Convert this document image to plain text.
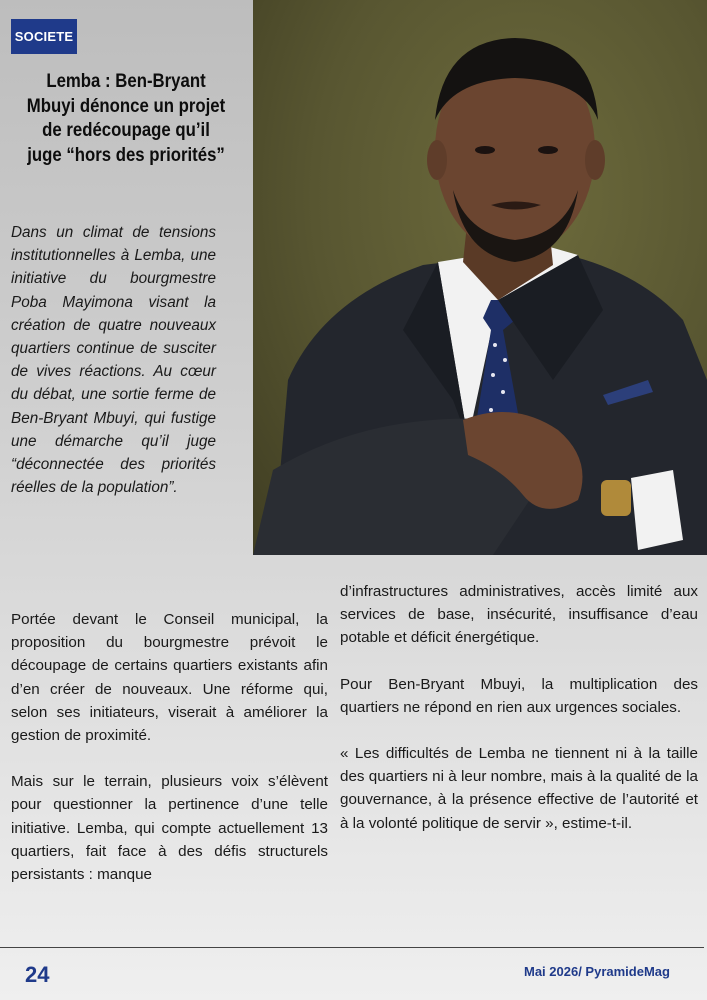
SOCIETE
Lemba : Ben-Bryant Mbuyi dénonce un projet de redécoupage qu’il juge “hors des priorités”

Dans un climat de tensions institutionnelles à Lemba, une initiative du bourgmestre Poba Mayimona visant la création de quatre nouveaux quartiers continue de susciter de vives réactions. Au cœur du débat, une sortie ferme de Ben-Bryant Mbuyi, qui fustige une démarche qu’il juge “déconnectée des priorités réelles de la population”.

Portée devant le Conseil municipal, la proposition du bourgmestre prévoit le découpage de certains quartiers existants afin d’en créer de nouveaux. Une réforme qui, selon ses initiateurs, viserait à améliorer la gestion de proximité.

Mais sur le terrain, plusieurs voix s’élèvent pour questionner la pertinence d’une telle initiative. Lemba, qui compte actuellement 13 quartiers, fait face à des défis structurels persistants : manque

d’infrastructures administratives, accès limité aux services de base, insécurité, insuffisance d’eau potable et déficit énergétique.

Pour Ben-Bryant Mbuyi, la multiplication des quartiers ne répond en rien aux urgences sociales.

« Les difficultés de Lemba ne tiennent ni à la taille des quartiers ni à leur nombre, mais à la qualité de la gouvernance, à la présence effective de l’autorité et à la volonté politique de servir », estime-t-il.

24	Mai 2026/ PyramideMag
